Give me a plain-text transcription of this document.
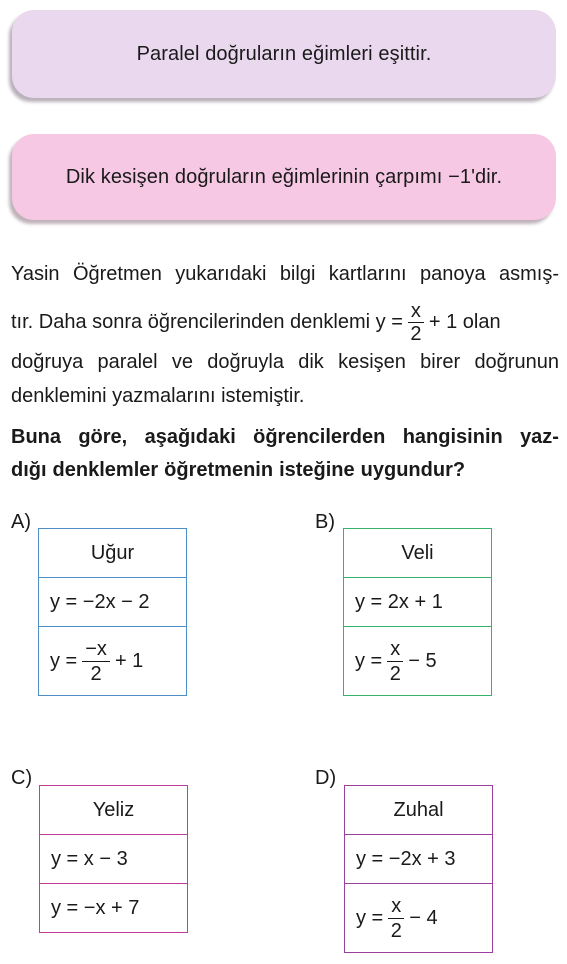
Paralel doğruların eğimleri eşittir.
Dik kesişen doğruların eğimlerinin çarpımı −1'dir.
Yasin Öğretmen yukarıdaki bilgi kartlarını panoya asmış-
tır. Daha sonra öğrencilerinden denklemi $y = \frac{x}{2} + 1$ olan
doğruya paralel ve doğruyla dik kesişen birer doğrunun
denklemini yazmalarını istemiştir.
Buna göre, aşağıdaki öğrencilerden hangisinin yaz-
dığı denklemler öğretmenin isteğine uygundur?
A)
Uğur
y = −2x − 2

$y = \frac{-x}{2} + 1$
B)
Veli
y = 2x + 1

$y = \frac{x}{2} - 5$
C)
Yeliz
y = x − 3
y = −x + 7
D)
Zuhal
y = −2x + 3

$y = \frac{x}{2} - 4$
